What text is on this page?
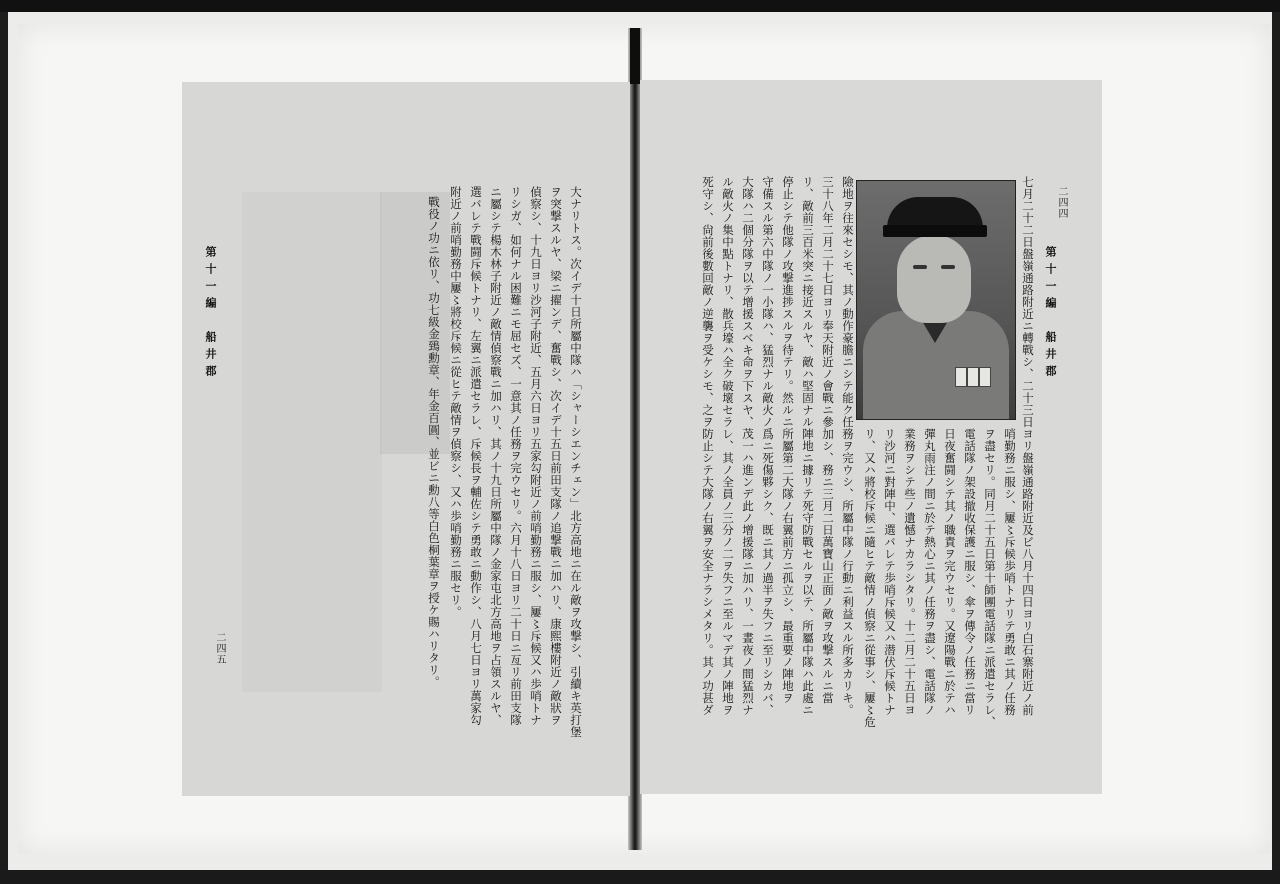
第十一編　船井郡
二四五	大ナリトス。次イデ十日所屬中隊ハ「シャーシエンチェン」北方高地ニ在ル敵ヲ攻撃シ、引續キ英打堡
ヲ突撃スルヤ、梁ニ擢ンデ、奮戰シ、次イデ十五日前田支隊ノ追撃戰ニ加ハリ、康熙樓附近ノ敵狀ヲ
偵察シ、十九日ヨリ沙河子附近、五月六日ヨリ五家勾附近ノ前哨勤務ニ服シ、屢〻斥候又ハ歩哨トナ
リシガ、如何ナル困難ニモ屈セズ、一意其ノ任務ヲ完ウセリ。六月十八日ヨリ二十日ニ亙リ前田支隊
ニ屬シテ楊木林子附近ノ敵情偵察戰ニ加ハリ、其ノ十九日所屬中隊ノ金家屯北方高地ヲ占領スルヤ、
選バレテ戰闘斥候トナリ、左翼ニ派遣セラレ、斥候長ヲ輔佐シテ勇敢ニ動作シ、八月七日ヨリ萬家勾
附近ノ前哨勤務中屢〻將校斥候ニ從ヒテ敵情ヲ偵察シ、又ハ歩哨勤務ニ服セリ。
戰役ノ功ニ依リ、功七級金鵄勳章、年金百圓、並ビニ勳八等白色桐葉章ヲ授ケ賜ハリタリ。	第十一編　船井郡
二四四
七月二十二日盤嶺通路附近ニ轉戰シ、二十三日ヨリ盤嶺通路附近及ビ八月十四日ヨリ白石寨附近ノ前
哨勤務ニ服シ、屢〻斥候歩哨トナリテ勇敢ニ其ノ任務
ヲ盡セリ。同月二十五日第十師團電話隊ニ派遣セラレ、
電話隊ノ架設撤收保護ニ服シ、傘ヲ傳令ノ任務ニ當リ
日夜奮闘シテ其ノ職責ヲ完ウセリ。又遼陽戰ニ於テハ
彈丸雨注ノ間ニ於テ熱心ニ其ノ任務ヲ盡シ、電話隊ノ
業務ヲシテ些ノ遺憾ナカラシタリ。十二月二十五日ヨ
リ沙河ニ對陣中、選バレテ歩哨斥候又ハ潜伏斥候トナ
リ、又ハ將校斥候ニ隨ヒテ敵情ノ偵察ニ從事シ、屢〻危
險地ヲ往來セシモ、其ノ動作豪膽ニシテ能ク任務ヲ完ウシ、所屬中隊ノ行動ニ利益スル所多カリキ。
三十八年二月二十七日ヨリ奉天附近ノ會戰ニ參加シ、務ニ三月二日萬寶山正面ノ敵ヲ攻撃スルニ當
リ、敵前三百米突ニ接近スルヤ、敵ハ堅固ナル陣地ニ據リテ死守防戰セルヲ以テ、所屬中隊ハ此處ニ
停止シテ他隊ノ攻撃進捗スルヲ待テリ。然ルニ所屬第二大隊ノ右翼前方ニ孤立シ、最重要ノ陣地ヲ
守備スル第六中隊ノ一小隊ハ、猛烈ナル敵火ノ爲ニ死傷夥シク、既ニ其ノ過半ヲ失フニ至リシカバ、
大隊ハ二個分隊ヲ以テ增援スベキ命ヲ下スヤ、茂一ハ進ンデ此ノ增援隊ニ加ハリ、一晝夜ノ間猛烈ナ
ル敵火ノ集中點トナリ、散兵壕ハ全ク破壞セラレ、其ノ全員ノ三分ノ二ヲ失フニ至ルマデ其ノ陣地ヲ
死守シ、尙前後數回敵ノ逆襲ヲ受ケシモ、之ヲ防止シテ大隊ノ右翼ヲ安全ナラシメタリ。其ノ功甚ダ
